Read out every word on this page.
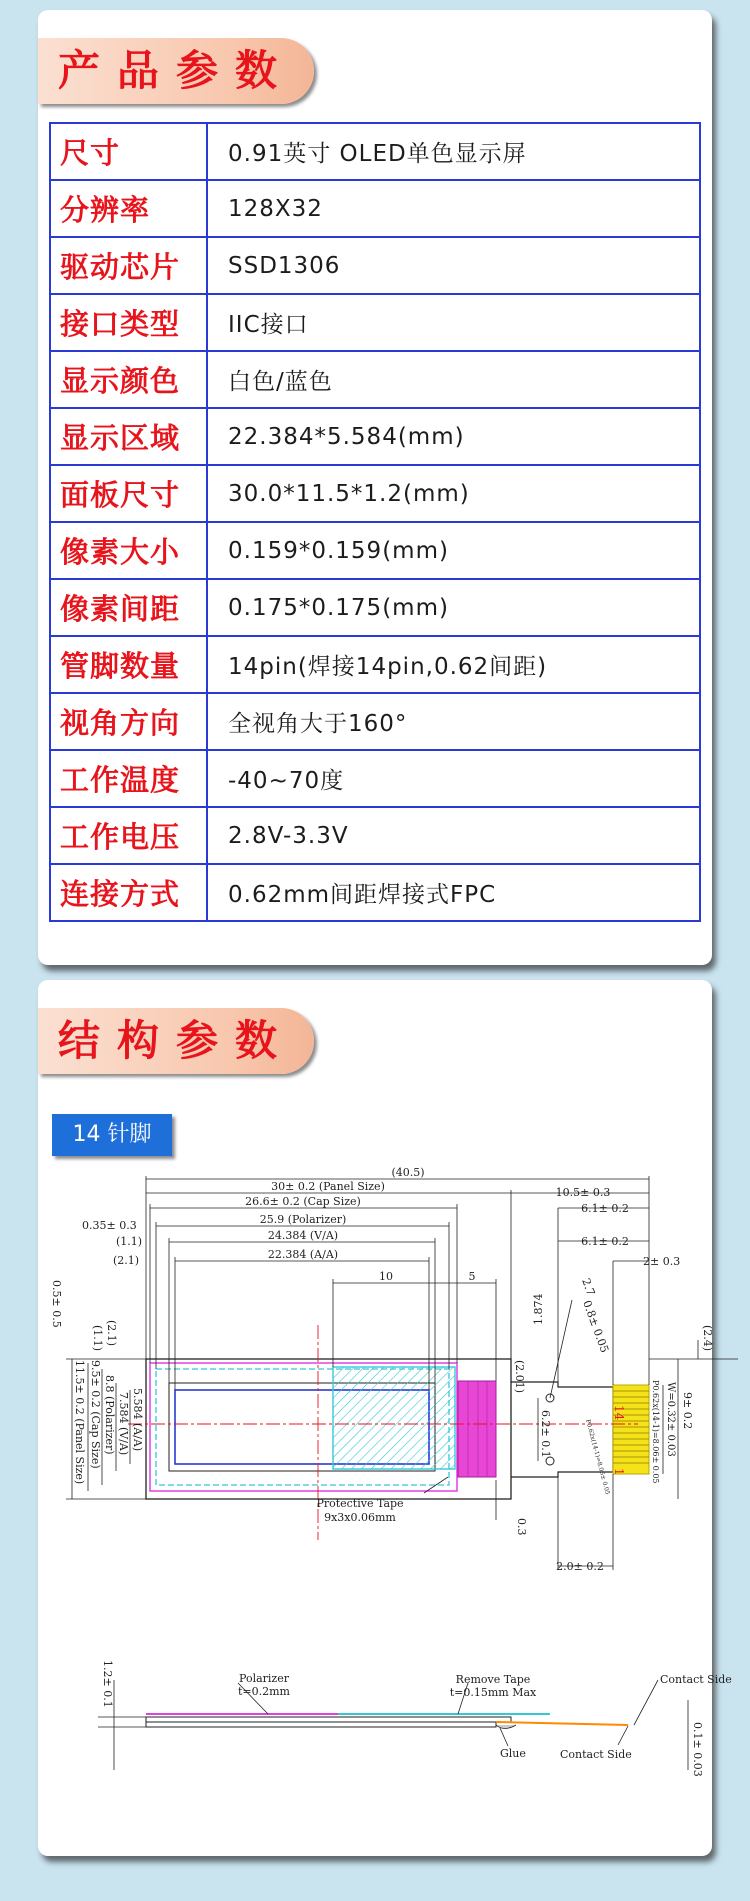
产品参数
尺寸	0.91英寸 OLED单色显示屏
分辨率	128X32
驱动芯片	SSD1306
接口类型	IIC接口
显示颜色	白色/蓝色
显示区域	22.384*5.584(mm)
面板尺寸	30.0*11.5*1.2(mm)
像素大小	0.159*0.159(mm)
像素间距	0.175*0.175(mm)
管脚数量	14pin(焊接14pin,0.62间距)
视角方向	全视角大于160°
工作温度	-40~70度
工作电压	2.8V-3.3V
连接方式	0.62mm间距焊接式FPC
结构参数
14 针脚
(40.5)
30± 0.2 (Panel Size)	10.5± 0.3
26.6± 0.2 (Cap Size)
6.1± 0.2
0.35± 0.3	25.9 (Polarizer)
6.1± 0.2
(1.1)	24.384 (V/A)
(2.1)	22.384 (A/A)
2± 0.3
10	5
1.874
2.7
0.8± 0.05
0.5± 0.5
(2.1)
(1.1)
(2.01)
(2.4)
8.8 (Polarizer) 7.584 (V/A) 5.584 (A/A)
9.5± 0.2 (Cap Size)
11.5± 0.2 (Panel Size)	6.2± 0.1	P0.62x(14-1)=8.06± 0.05	P0.62x(14-1)=8.06± 0.05 W=0.32± 0.03 9± 0.2
14
1
Protective Tape
9x3x0.06mm
0.3
2.0± 0.2
1.2± 0.1	Polarizer
t=0.2mm
Remove Tape
t=0.15mm Max
Glue
Contact Side
Contact Side	0.1± 0.03
